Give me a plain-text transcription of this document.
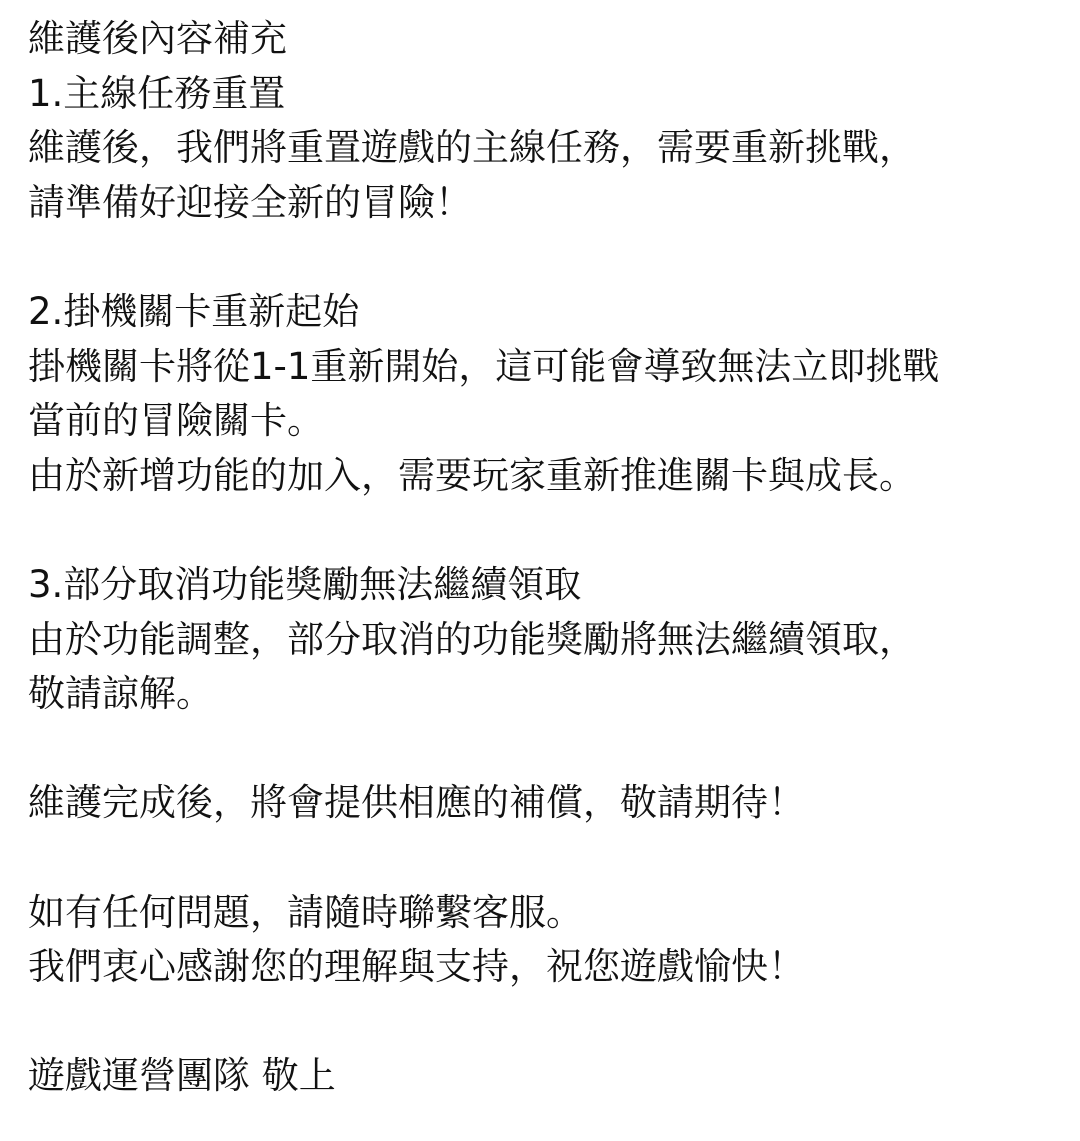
維護後內容補充
1.主線任務重置
維護後，我們將重置遊戲的主線任務，需要重新挑戰，
請準備好迎接全新的冒險！
2.掛機關卡重新起始
掛機關卡將從1-1重新開始，這可能會導致無法立即挑戰
當前的冒險關卡。
由於新增功能的加入，需要玩家重新推進關卡與成長。
3.部分取消功能獎勵無法繼續領取
由於功能調整，部分取消的功能獎勵將無法繼續領取，
敬請諒解。
維護完成後，將會提供相應的補償，敬請期待！
如有任何問題，請隨時聯繫客服。
我們衷心感謝您的理解與支持，祝您遊戲愉快！
遊戲運營團隊 敬上
